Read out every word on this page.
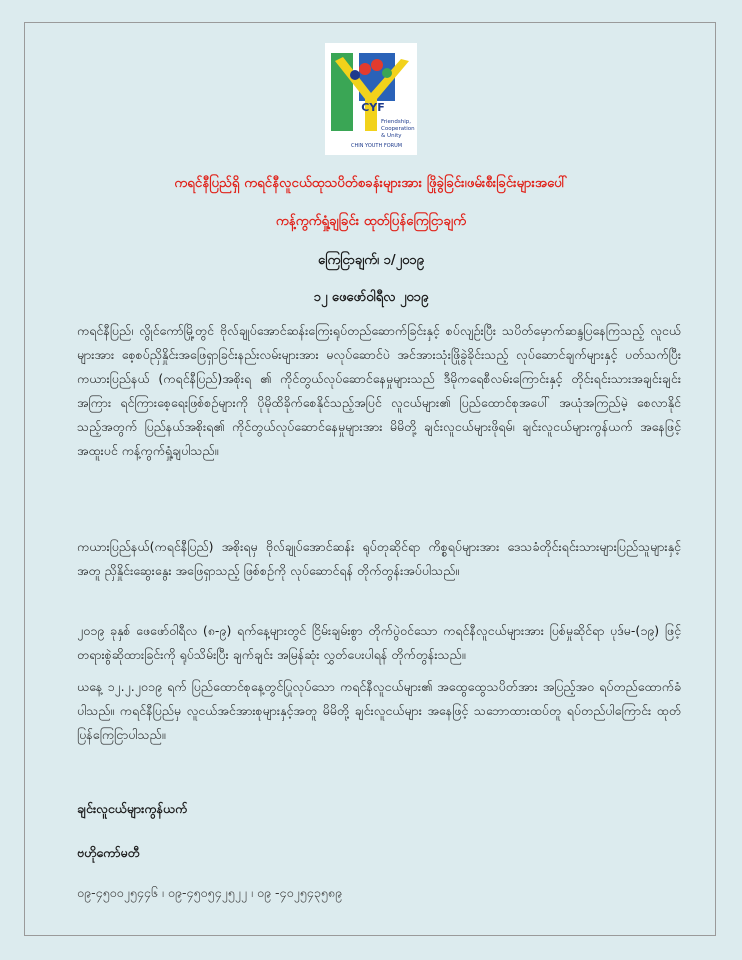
CYF
Friendship,
Cooperation
& Unity
CHIN YOUTH FORUM
ကရင်နီပြည်ရှိ ကရင်နီလူငယ်ထုသပိတ်စခန်းများအား ဖြိုခွဲခြင်း၊ဖမ်းစီးခြင်းများအပေါ်
ကန့်ကွက်ရှုံ့ချခြင်း ထုတ်ပြန်ကြေငြာချက်
ကြေငြာချက်၊ ၁/၂၀၁၉
၁၂ ဖေဖော်ဝါရီလ ၂၀၁၉
ကရင်နီပြည်၊ လွိုင်ကော်မြို့တွင် ဗိုလ်ချုပ်အောင်ဆန်းကြေးရုပ်တည်ဆောက်ခြင်းနှင့် စပ်လျဥ်းပြီး သပိတ်မှောက်ဆန္ဒပြနေကြသည့် လူငယ်များအား စေ့စပ်ညှိနှိုင်းအဖြေရှာခြင်းနည်းလမ်းများအား မလုပ်ဆောင်ပဲ အင်အားသုံးဖြိုခွဲခိုင်းသည့် လုပ်ဆောင်ချက်များနှင့် ပတ်သက်ပြီး ကယားပြည်နယ် (ကရင်နီပြည်)အစိုးရ ၏ ကိုင်တွယ်လုပ်ဆောင်နေမှုများသည် ဒီမိုကရေစီလမ်းကြောင်းနှင့် တိုင်းရင်းသားအချင်းချင်းအကြား ရင်ကြားစေ့ရေးဖြစ်စဥ်များကို ပိုမိုထိခိုက်စေနိုင်သည့်အပြင် လူငယ်များ၏ ပြည်ထောင်စုအပေါ် အယုံအကြည်မဲ့ စေလာနိုင်သည့်အတွက် ပြည်နယ်အစိုးရ၏ ကိုင်တွယ်လုပ်ဆောင်နေမှုများအား မိမိတို့ ချင်းလူငယ်များဖိုရမ်၊ ချင်းလူငယ်များကွန်ယက် အနေဖြင့် အထူးပင် ကန့်ကွက်ရှုံ့ချပါသည်။
ကယားပြည်နယ်(ကရင်နီပြည်) အစိုးရမှ ဗိုလ်ချုပ်အောင်ဆန်း ရုပ်တုဆိုင်ရာ ကိစ္စရပ်များအား ဒေသခံတိုင်းရင်းသားများပြည်သူများနှင့်အတူ ညှိနှိုင်းဆွေးနွေး အဖြေရှာသည့် ဖြစ်စဥ်ကို လုပ်ဆောင်ရန် တိုက်တွန်းအပ်ပါသည်။
၂၀၁၉ ခုနှစ် ဖေဖော်ဝါရီလ (၈-၉) ရက်နေ့များတွင် ငြိမ်းချမ်းစွာ တိုက်ပွဲဝင်သော ကရင်နီလူငယ်များအား ပြစ်မှုဆိုင်ရာ ပုဒ်မ-(၁၉) ဖြင့် တရားစွဲဆိုထားခြင်းကို ရုပ်သိမ်းပြီး ချက်ချင်း အမြန်ဆုံး လွှတ်ပေးပါရန် တိုက်တွန်းသည်။
ယနေ့ ၁၂.၂.၂၀၁၉ ရက် ပြည်ထောင်စုနေ့တွင်ပြုလုပ်သော ကရင်နီလူငယ်များ၏ အထွေထွေသပိတ်အား အပြည့်အဝ ရပ်တည်ထောက်ခံပါသည်။ ကရင်နီပြည်မှ လူငယ်အင်အားစုများနှင့်အတူ မိမိတို့ ချင်းလူငယ်များ အနေဖြင့် သဘောထားထပ်တူ ရပ်တည်ပါကြောင်း ထုတ်ပြန်ကြေငြာပါသည်။
ချင်းလူငယ်များကွန်ယက်
ဗဟိုကော်မတီ
၀၉-၄၅၀၀၂၅၄၄၆ ၊ ၀၉-၄၅၀၅၄၂၅၂၂ ၊ ၀၉ -၄၀၂၅၄၃၅၈၉
